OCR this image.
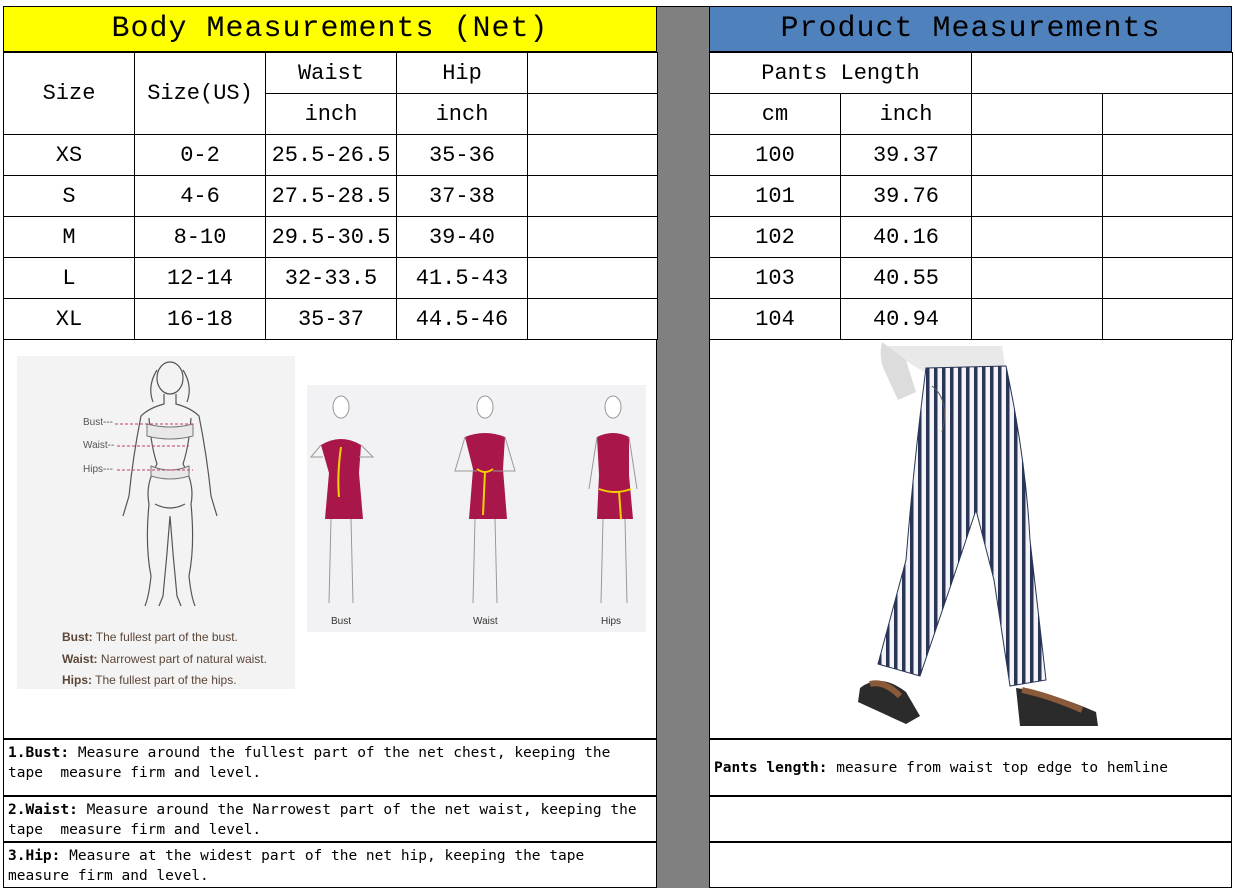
Body Measurements (Net)	Product Measurements
Size	Size(US)	Waist	Hip	
		inch	inch	
XS	0-2	25.5-26.5	35-36	
S	4-6	27.5-28.5	37-38	
M	8-10	29.5-30.5	39-40	
L	12-14	32-33.5	41.5-43	
XL	16-18	35-37	44.5-46	
Pants Length			
cm	inch		
100	39.37		
101	39.76		
102	40.16		
103	40.55		
104	40.94		
Bust---
Waist--
Hips---
Bust: The fullest part of the bust.
Waist: Narrowest part of natural waist.
Hips: The fullest part of the hips.
Bust	Waist	Hips
1.Bust: Measure around the fullest part of the net chest, keeping the tape  measure firm and level.
2.Waist: Measure around the Narrowest part of the net waist, keeping the tape  measure firm and level.
3.Hip: Measure at the widest part of the net hip, keeping the tape measure firm and level.
Pants length: measure from waist top edge to hemline
